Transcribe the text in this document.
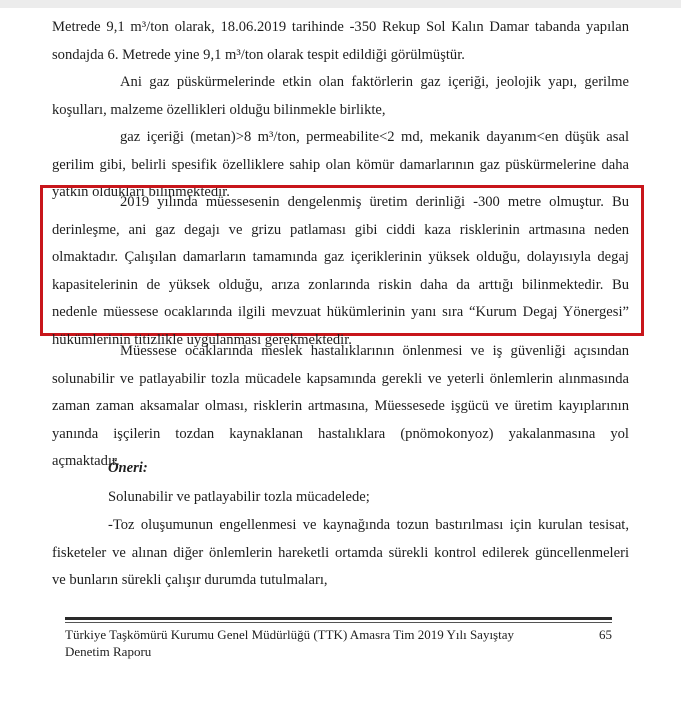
Metrede 9,1 m³/ton olarak, 18.06.2019 tarihinde -350 Rekup Sol Kalın Damar tabanda yapılan
sondajda 6. Metrede yine 9,1 m³/ton olarak tespit edildiği görülmüştür.

Ani gaz püskürmelerinde etkin olan faktörlerin gaz içeriği, jeolojik yapı, gerilme
koşulları, malzeme özellikleri olduğu bilinmekle birlikte,

gaz içeriği (metan)>8 m³/ton, permeabilite<2 md, mekanik dayanım<en düşük asal
gerilim gibi, belirli spesifik özelliklere sahip olan kömür damarlarının gaz püskürmelerine daha
yatkın oldukları bilinmektedir.

2019 yılında müessesenin dengelenmiş üretim derinliği -300 metre olmuştur. Bu
derinleşme, ani gaz degajı ve grizu patlaması gibi ciddi kaza risklerinin artmasına neden
olmaktadır. Çalışılan damarların tamamında gaz içeriklerinin yüksek olduğu, dolayısıyla degaj
kapasitelerinin de yüksek olduğu, arıza zonlarında riskin daha da arttığı bilinmektedir. Bu
nedenle müessese ocaklarında ilgili mevzuat hükümlerinin yanı sıra “Kurum Degaj Yönergesi”
hükümlerinin titizlikle uygulanması gerekmektedir.

Müessese ocaklarında meslek hastalıklarının önlenmesi ve iş güvenliği açısından
solunabilir ve patlayabilir tozla mücadele kapsamında gerekli ve yeterli önlemlerin alınmasında
zaman zaman aksamalar olması, risklerin artmasına, Müessesede işgücü ve üretim kayıplarının
yanında işçilerin tozdan kaynaklanan hastalıklara (pnömokonyoz) yakalanmasına yol
açmaktadır.

Öneri:

Solunabilir ve patlayabilir tozla mücadelede;

-Toz oluşumunun engellenmesi ve kaynağında tozun bastırılması için kurulan tesisat,
fisketeler ve alınan diğer önlemlerin hareketli ortamda sürekli kontrol edilerek güncellenmeleri
ve bunların sürekli çalışır durumda tutulmaları,

Türkiye Taşkömürü Kurumu Genel Müdürlüğü (TTK) Amasra Tim 2019 Yılı Sayıştay
Denetim Raporu
65
